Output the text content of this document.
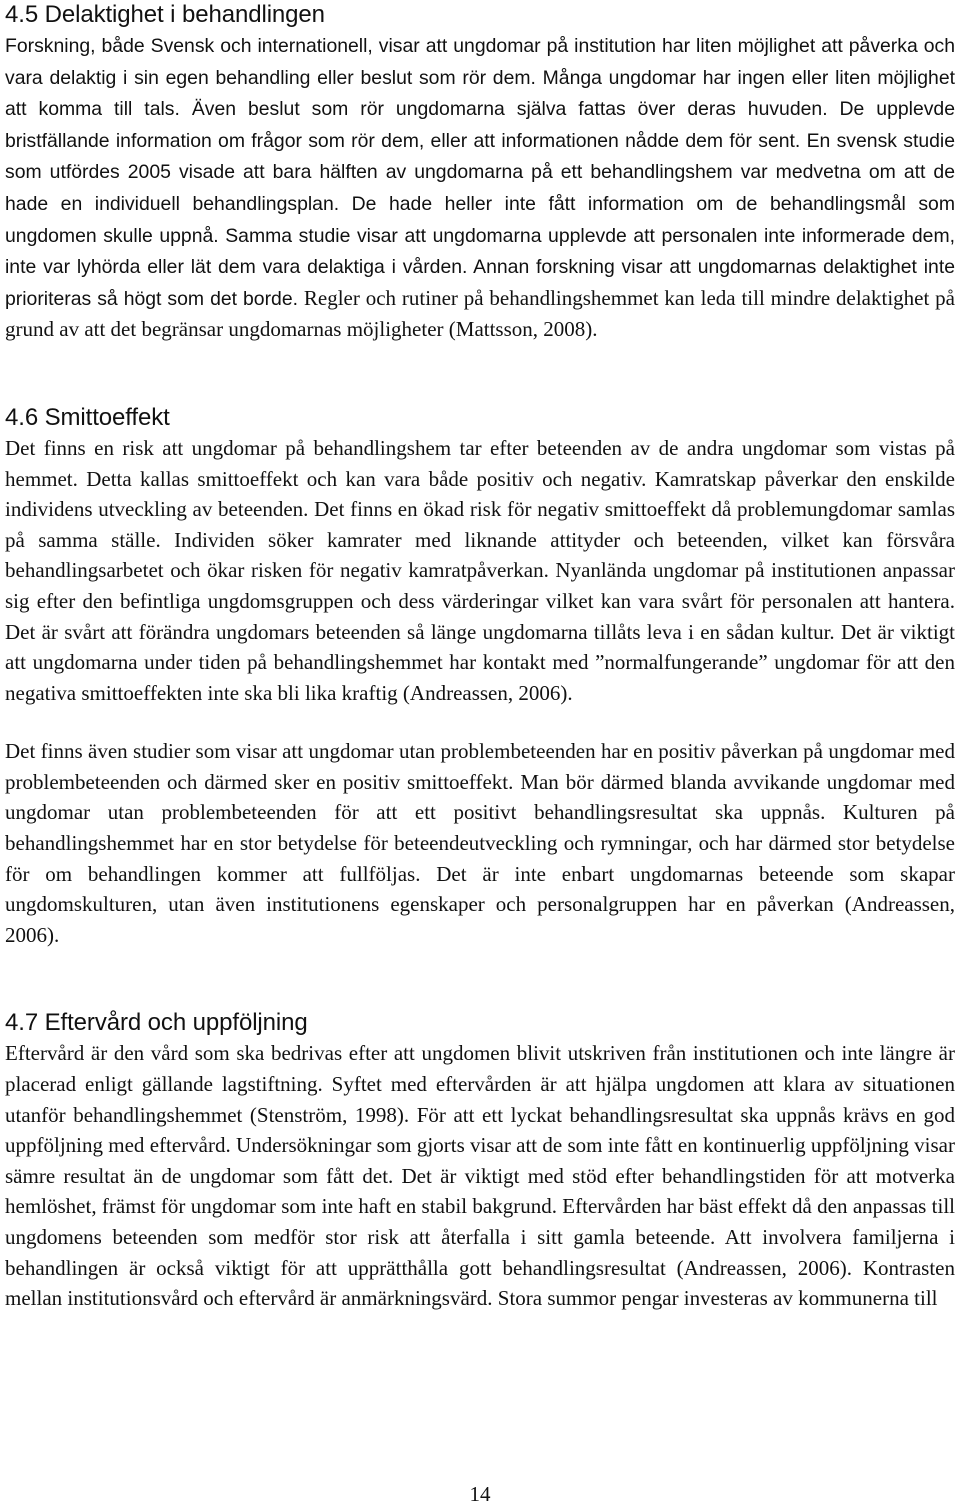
4.5 Delaktighet i behandlingen

Forskning, både Svensk och internationell, visar att ungdomar på institution har liten möjlighet att påverka och vara delaktig i sin egen behandling eller beslut som rör dem. Många ungdomar har ingen eller liten möjlighet att komma till tals. Även beslut som rör ungdomarna själva fattas över deras huvuden. De upplevde bristfällande information om frågor som rör dem, eller att informationen nådde dem för sent. En svensk studie som utfördes 2005 visade att bara hälften av ungdomarna på ett behandlingshem var medvetna om att de hade en individuell behandlingsplan. De hade heller inte fått information om de behandlingsmål som ungdomen skulle uppnå. Samma studie visar att ungdomarna upplevde att personalen inte informerade dem, inte var lyhörda eller lät dem vara delaktiga i vården. Annan forskning visar att ungdomarnas delaktighet inte prioriteras så högt som det borde. Regler och rutiner på behandlingshemmet kan leda till mindre delaktighet på grund av att det begränsar ungdomarnas möjligheter (Mattsson, 2008).

4.6 Smittoeffekt

Det finns en risk att ungdomar på behandlingshem tar efter beteenden av de andra ungdomar som vistas på hemmet. Detta kallas smittoeffekt och kan vara både positiv och negativ. Kamratskap påverkar den enskilde individens utveckling av beteenden. Det finns en ökad risk för negativ smittoeffekt då problemungdomar samlas på samma ställe. Individen söker kamrater med liknande attityder och beteenden, vilket kan försvåra behandlingsarbetet och ökar risken för negativ kamratpåverkan. Nyanlända ungdomar på institutionen anpassar sig efter den befintliga ungdomsgruppen och dess värderingar vilket kan vara svårt för personalen att hantera. Det är svårt att förändra ungdomars beteenden så länge ungdomarna tillåts leva i en sådan kultur. Det är viktigt att ungdomarna under tiden på behandlingshemmet har kontakt med ”normalfungerande” ungdomar för att den negativa smittoeffekten inte ska bli lika kraftig (Andreassen, 2006).

Det finns även studier som visar att ungdomar utan problembeteenden har en positiv påverkan på ungdomar med problembeteenden och därmed sker en positiv smittoeffekt. Man bör därmed blanda avvikande ungdomar med ungdomar utan problembeteenden för att ett positivt behandlingsresultat ska uppnås. Kulturen på behandlingshemmet har en stor betydelse för beteendeutveckling och rymningar, och har därmed stor betydelse för om behandlingen kommer att fullföljas. Det är inte enbart ungdomarnas beteende som skapar ungdomskulturen, utan även institutionens egenskaper och personalgruppen har en påverkan (Andreassen, 2006).

4.7 Eftervård och uppföljning

Eftervård är den vård som ska bedrivas efter att ungdomen blivit utskriven från institutionen och inte längre är placerad enligt gällande lagstiftning. Syftet med eftervården är att hjälpa ungdomen att klara av situationen utanför behandlingshemmet (Stenström, 1998). För att ett lyckat behandlingsresultat ska uppnås krävs en god uppföljning med eftervård. Undersökningar som gjorts visar att de som inte fått en kontinuerlig uppföljning visar sämre resultat än de ungdomar som fått det. Det är viktigt med stöd efter behandlingstiden för att motverka hemlöshet, främst för ungdomar som inte haft en stabil bakgrund. Eftervården har bäst effekt då den anpassas till ungdomens beteenden som medför stor risk att återfalla i sitt gamla beteende. Att involvera familjerna i behandlingen är också viktigt för att upprätthålla gott behandlingsresultat (Andreassen, 2006). Kontrasten mellan institutionsvård och eftervård är anmärkningsvärd. Stora summor pengar investeras av kommunerna till

14
